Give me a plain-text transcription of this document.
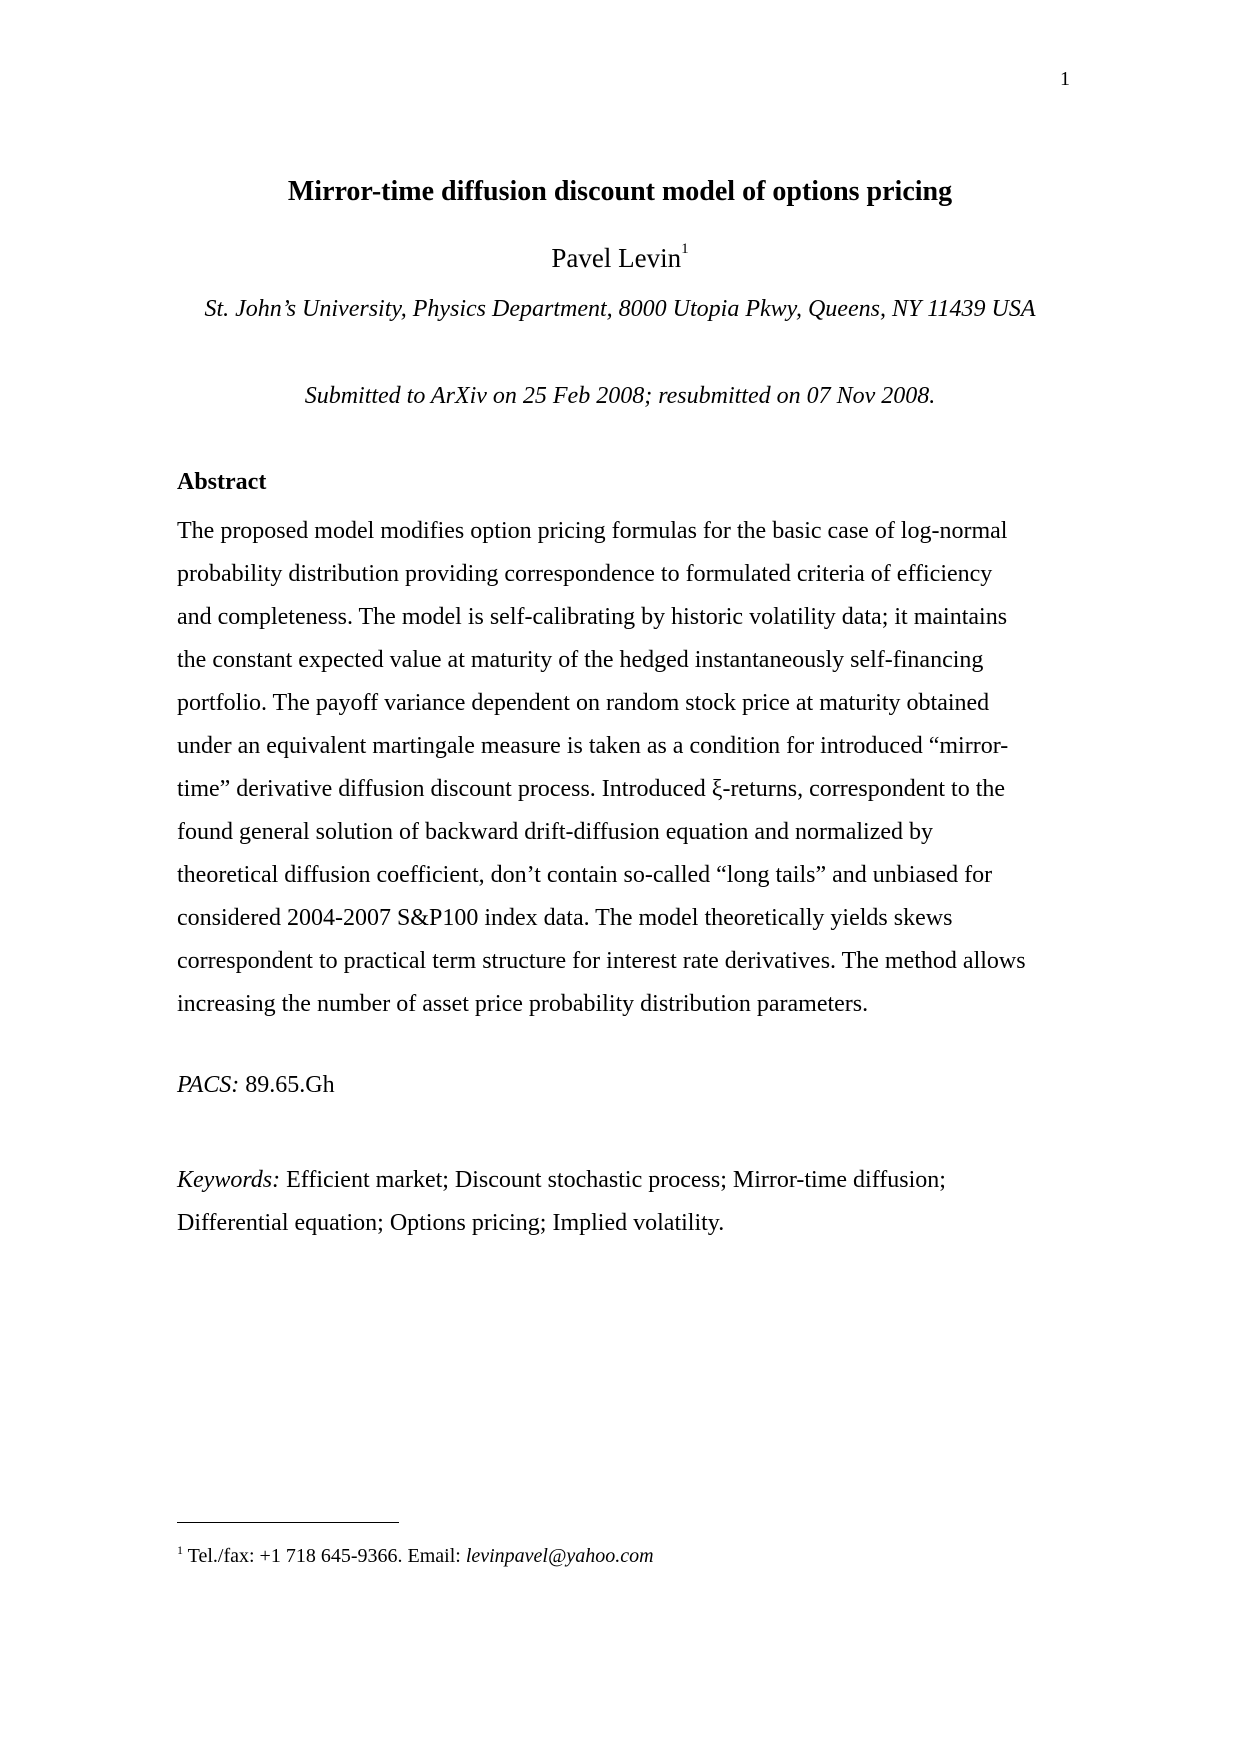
1
Mirror-time diffusion discount model of options pricing
Pavel Levin$^1$
St. John’s University, Physics Department, 8000 Utopia Pkwy, Queens, NY 11439 USA
Submitted to ArXiv on 25 Feb 2008; resubmitted on 07 Nov 2008.
Abstract
The proposed model modifies option pricing formulas for the basic case of log-normal
probability distribution providing correspondence to formulated criteria of efficiency
and completeness. The model is self-calibrating by historic volatility data; it maintains
the constant expected value at maturity of the hedged instantaneously self-financing
portfolio. The payoff variance dependent on random stock price at maturity obtained
under an equivalent martingale measure is taken as a condition for introduced “mirror-
time” derivative diffusion discount process. Introduced ξ-returns, correspondent to the
found general solution of backward drift-diffusion equation and normalized by
theoretical diffusion coefficient, don’t contain so-called “long tails” and unbiased for
considered 2004-2007 S&P100 index data. The model theoretically yields skews
correspondent to practical term structure for interest rate derivatives. The method allows
increasing the number of asset price probability distribution parameters.
PACS: 89.65.Gh
Keywords: Efficient market; Discount stochastic process; Mirror-time diffusion;
Differential equation; Options pricing; Implied volatility.
$^1$ Tel./fax: +1 718 645-9366. Email: levinpavel@yahoo.com
